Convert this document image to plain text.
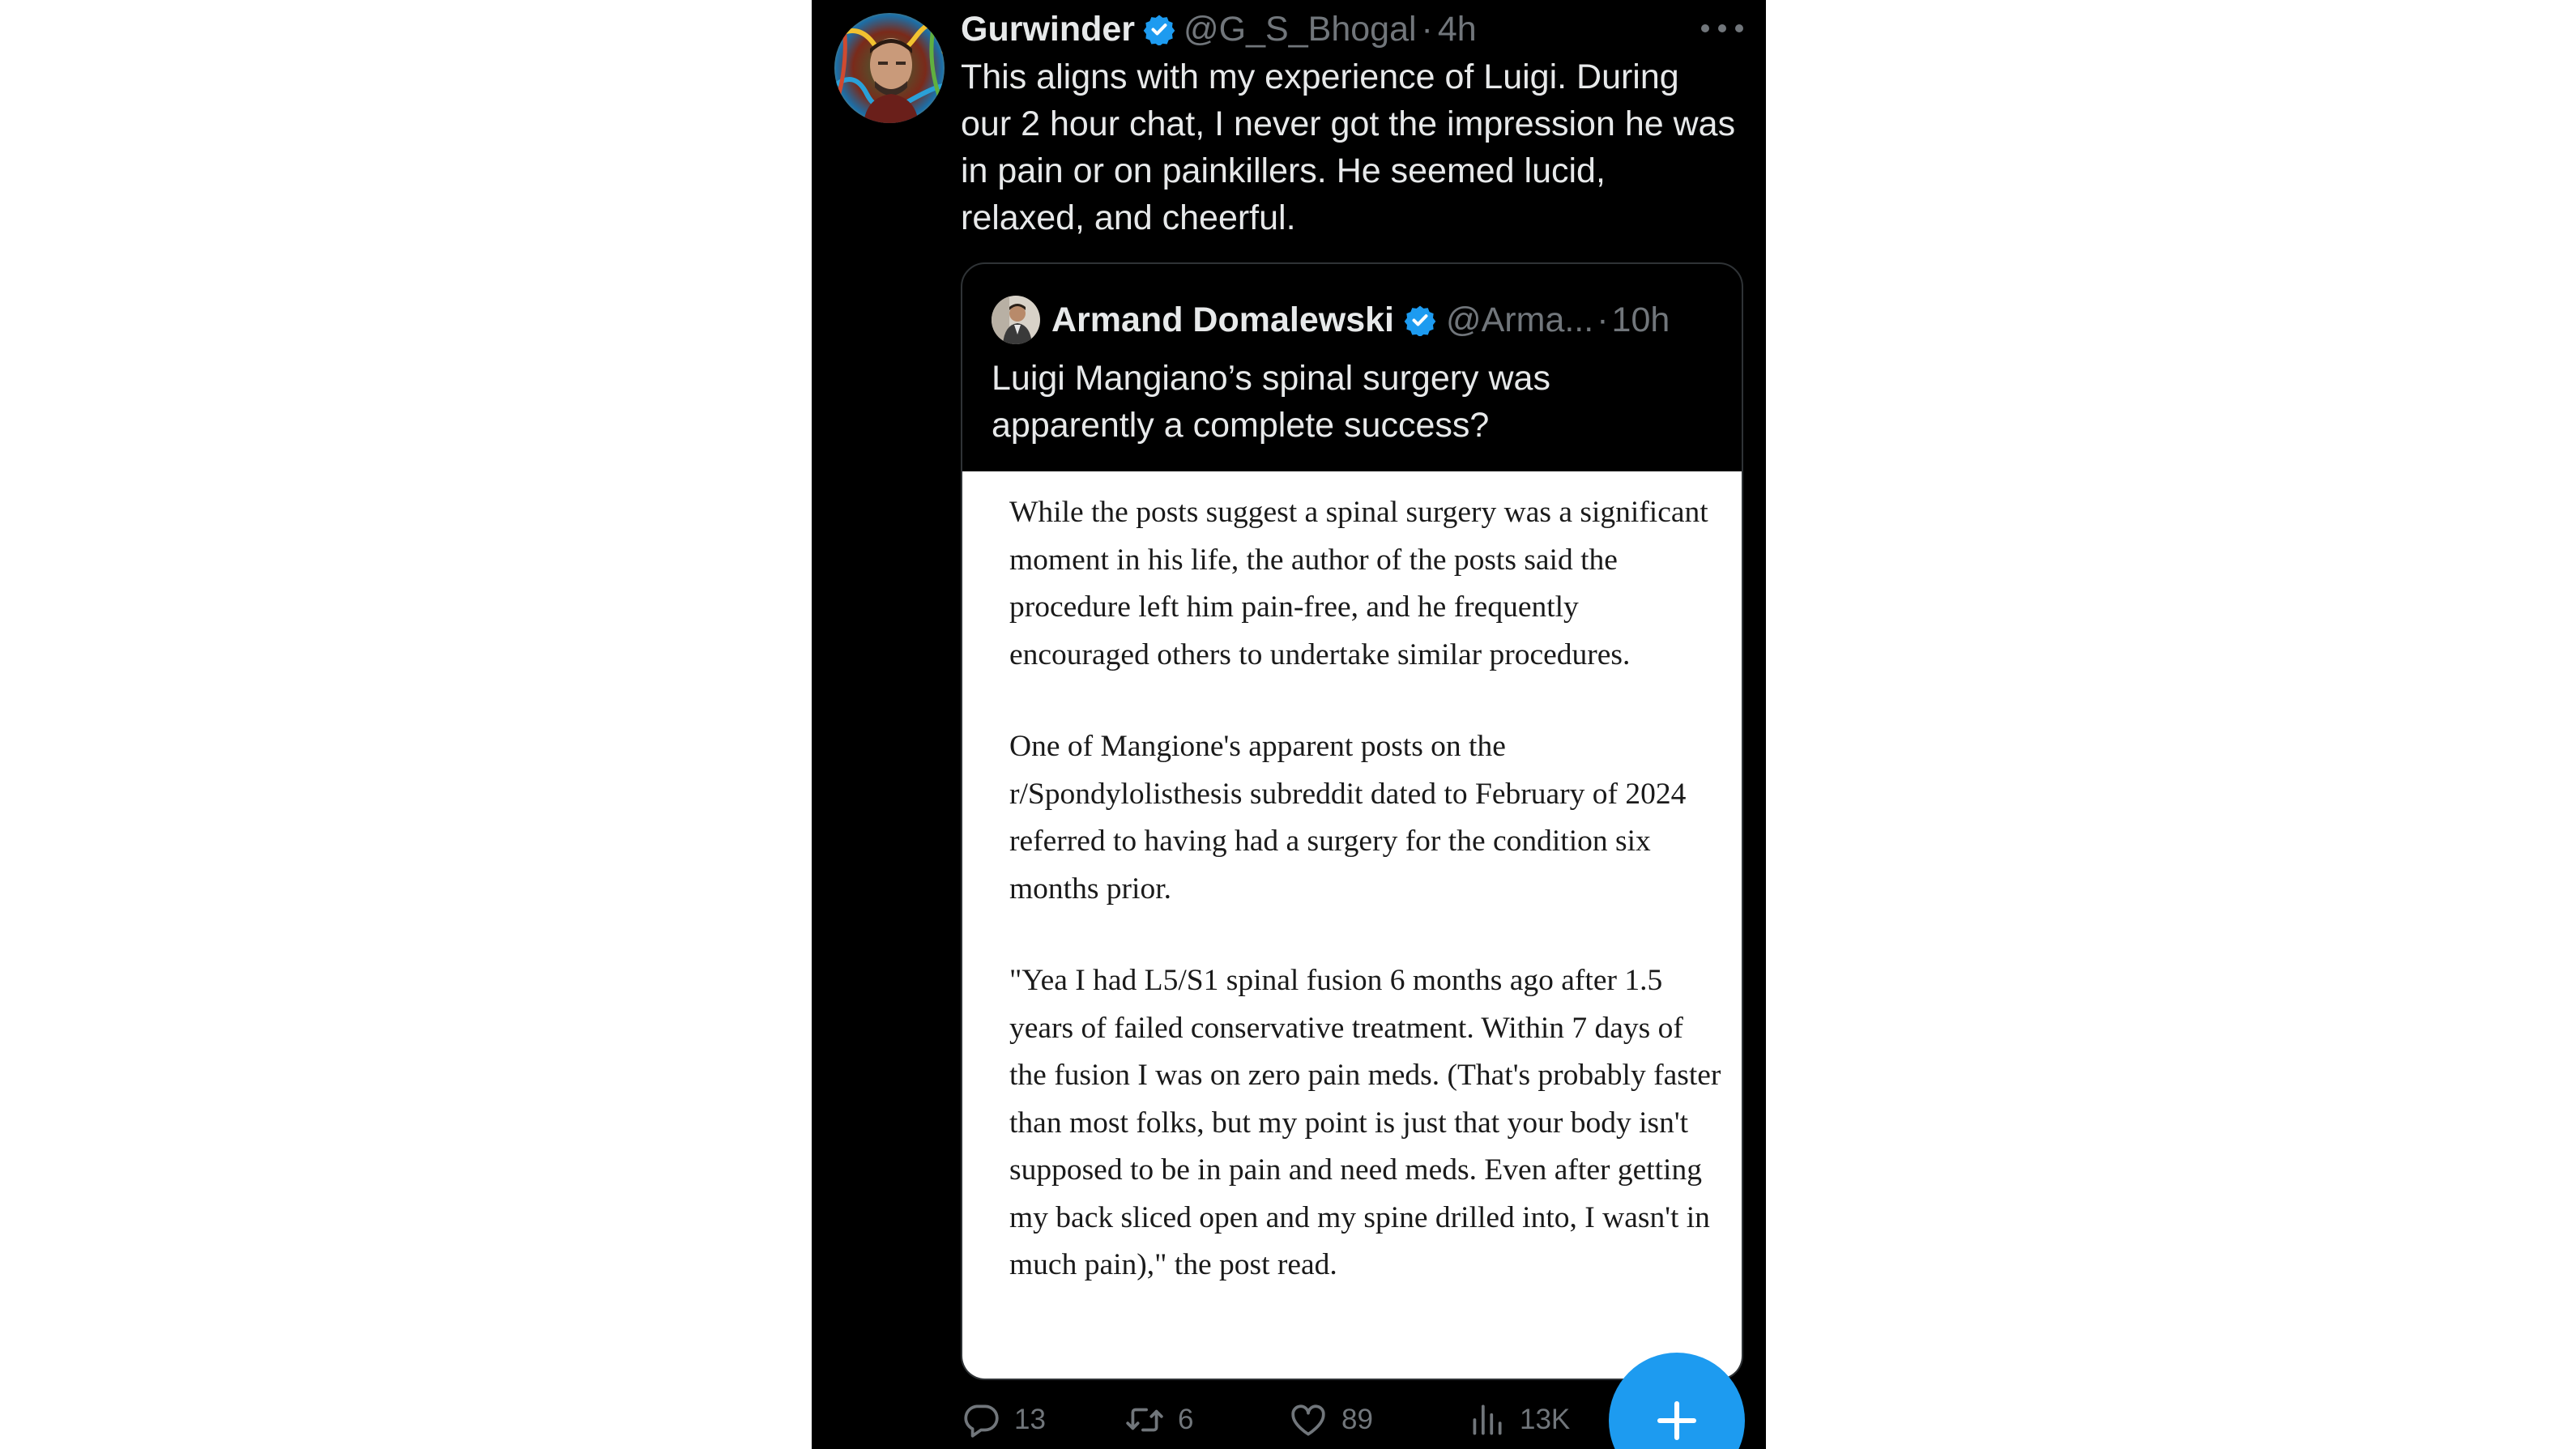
Gurwinder @G_S_Bhogal · 4h

This aligns with my experience of Luigi. During our 2 hour chat, I never got the impression he was in pain or on painkillers. He seemed lucid, relaxed, and cheerful.

Armand Domalewski @Arma... · 10h

Luigi Mangiano’s spinal surgery was apparently a complete success?

While the posts suggest a spinal surgery was a significant moment in his life, the author of the posts said the procedure left him pain-free, and he frequently encouraged others to undertake similar procedures.

One of Mangione's apparent posts on the r/Spondylolisthesis subreddit dated to February of 2024 referred to having had a surgery for the condition six months prior.

"Yea I had L5/S1 spinal fusion 6 months ago after 1.5 years of failed conservative treatment. Within 7 days of the fusion I was on zero pain meds. (That's probably faster than most folks, but my point is just that your body isn't supposed to be in pain and need meds. Even after getting my back sliced open and my spine drilled into, I wasn't in much pain)," the post read.

13	6	89	13K
